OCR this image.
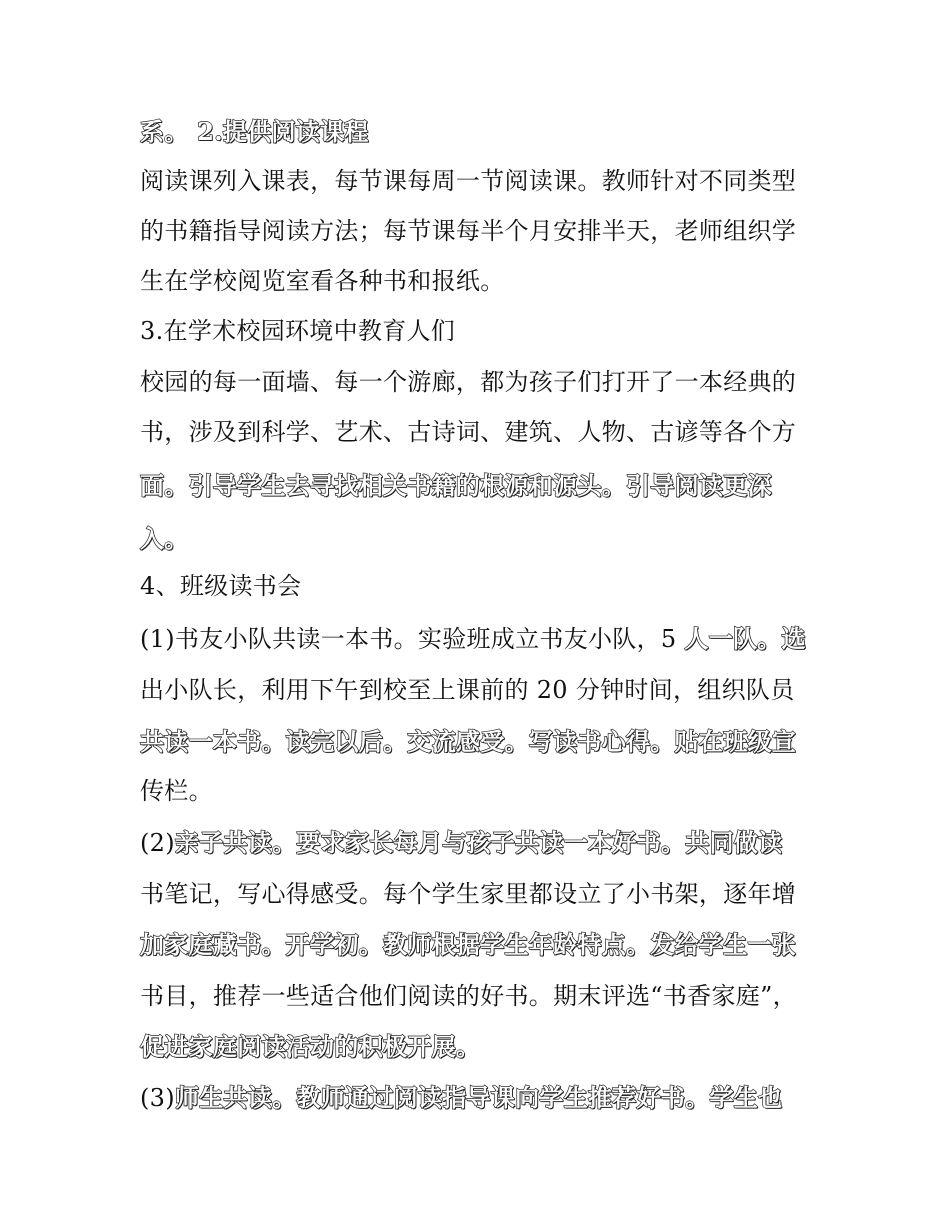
系。 2.提供阅读课程
阅读课列入课表，每节课每周一节阅读课。教师针对不同类型
的书籍指导阅读方法；每节课每半个月安排半天，老师组织学
生在学校阅览室看各种书和报纸。
3.在学术校园环境中教育人们
校园的每一面墙、每一个游廊，都为孩子们打开了一本经典的
书，涉及到科学、艺术、古诗词、建筑、人物、古谚等各个方
面。引导学生去寻找相关书籍的根源和源头。引导阅读更深
入。
4、班级读书会
(1)书友小队共读一本书。实验班成立书友小队，5 人一队。选
出小队长，利用下午到校至上课前的 20 分钟时间，组织队员
共读一本书。读完以后。交流感受。写读书心得。贴在班级宣
传栏。
(2)亲子共读。要求家长每月与孩子共读一本好书。共同做读
书笔记，写心得感受。每个学生家里都设立了小书架，逐年增
加家庭藏书。开学初。教师根据学生年龄特点。发给学生一张
书目，推荐一些适合他们阅读的好书。期末评选“书香家庭”，
促进家庭阅读活动的积极开展。
(3)师生共读。教师通过阅读指导课向学生推荐好书。学生也
